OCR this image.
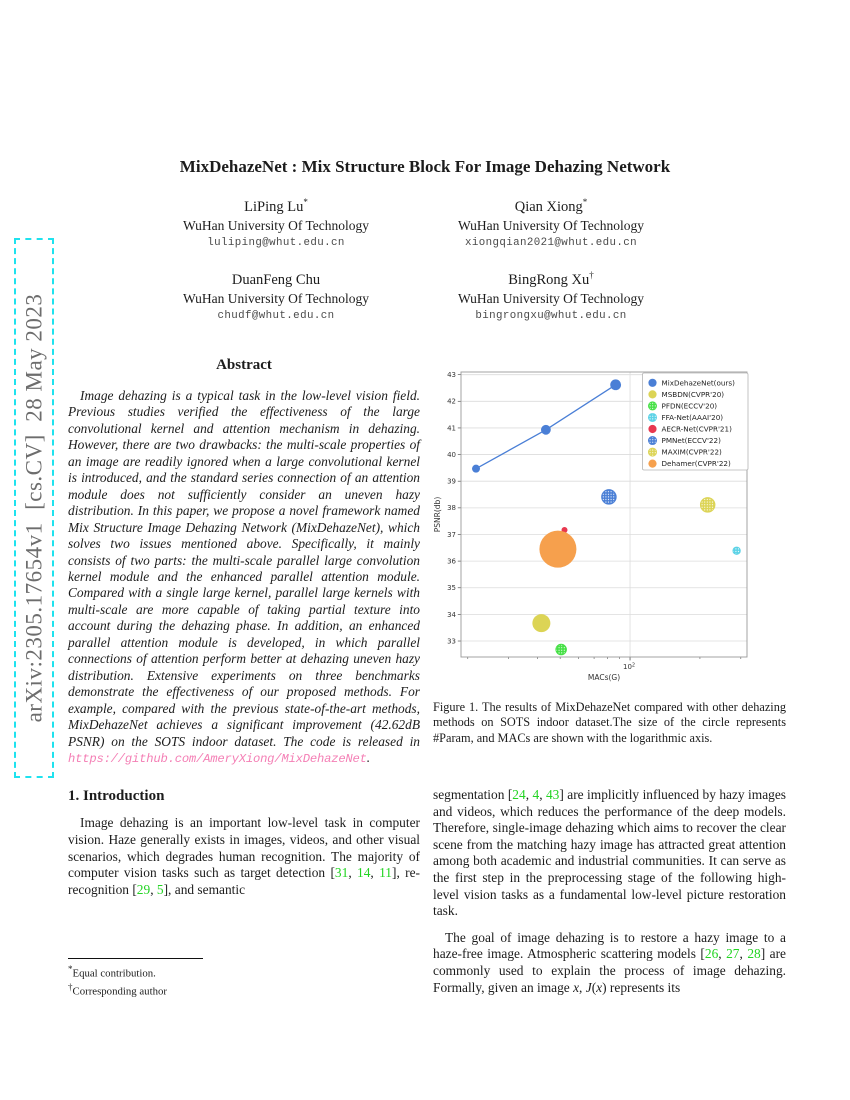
arXiv:2305.17654v1  [cs.CV]  28 May 2023
MixDehazeNet : Mix Structure Block For Image Dehazing Network
LiPing Lu*
WuHan University Of Technology
luliping@whut.edu.cn
Qian Xiong*
WuHan University Of Technology
xiongqian2021@whut.edu.cn
DuanFeng Chu
WuHan University Of Technology
chudf@whut.edu.cn
BingRong Xu†
WuHan University Of Technology
bingrongxu@whut.edu.cn
Abstract

Image dehazing is a typical task in the low-level vision field. Previous studies verified the effectiveness of the large convolutional kernel and attention mechanism in dehazing. However, there are two drawbacks: the multi-scale properties of an image are readily ignored when a large convolutional kernel is introduced, and the standard series connection of an attention module does not sufficiently consider an uneven hazy distribution. In this paper, we propose a novel framework named Mix Structure Image Dehazing Network (MixDehazeNet), which solves two issues mentioned above. Specifically, it mainly consists of two parts: the multi-scale parallel large convolution kernel module and the enhanced parallel attention module. Compared with a single large kernel, parallel large kernels with multi-scale are more capable of taking partial texture into account during the dehazing phase. In addition, an enhanced parallel attention module is developed, in which parallel connections of attention perform better at dehazing uneven hazy distribution. Extensive experiments on three benchmarks demonstrate the effectiveness of our proposed methods. For example, compared with the previous state-of-the-art methods, MixDehazeNet achieves a significant improvement (42.62dB PSNR) on the SOTS indoor dataset. The code is released in https://github.com/AmeryXiong/MixDehazeNet.

1. Introduction

Image dehazing is an important low-level task in computer vision. Haze generally exists in images, videos, and other visual scenarios, which degrades human recognition. The majority of computer vision tasks such as target detection [31, 14, 11], re-recognition [29, 5], and semantic

*Equal contribution.
†Corresponding author
33
34
35
36
37
38
39
40
41
42
43
$10^2$
MACs(G)
PSNR(db)
MixDehazeNet(ours)
MSBDN(CVPR'20)
PFDN(ECCV'20)
FFA-Net(AAAI'20)
AECR-Net(CVPR'21)
PMNet(ECCV'22)
MAXIM(CVPR'22)
Dehamer(CVPR'22)

Figure 1. The results of MixDehazeNet compared with other dehazing methods on SOTS indoor dataset.The size of the circle represents #Param, and MACs are shown with the logarithmic axis.

segmentation [24, 4, 43] are implicitly influenced by hazy images and videos, which reduces the performance of the deep models. Therefore, single-image dehazing which aims to recover the clear scene from the matching hazy image has attracted great attention among both academic and industrial communities. It can serve as the first step in the preprocessing stage of the following high-level vision tasks as a fundamental low-level picture restoration task.

The goal of image dehazing is to restore a hazy image to a haze-free image. Atmospheric scattering models [26, 27, 28] are commonly used to explain the process of image dehazing. Formally, given an image x, J(x) represents its
